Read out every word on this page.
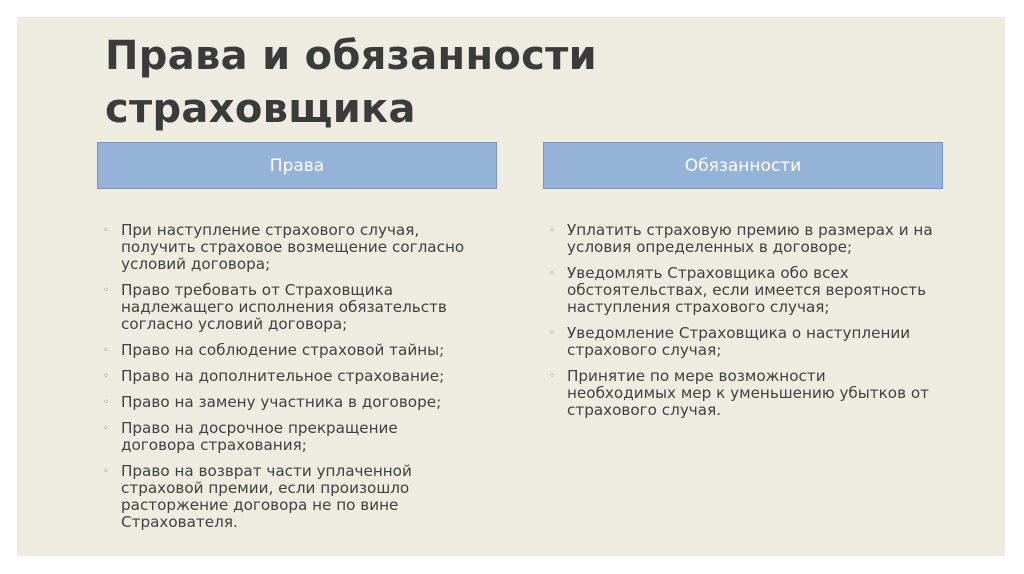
Права и обязанности
страховщика
Права	Обязанности
◦ При наступление страхового случая, получить страховое возмещение согласно условий договора;
◦ Право требовать от Страховщика надлежащего исполнения обязательств согласно условий договора;
◦ Право на соблюдение страховой тайны;
◦ Право на дополнительное страхование;
◦ Право на замену участника в договоре;
◦ Право на досрочное прекращение договора страхования;
◦ Право на возврат части уплаченной страховой премии, если произошло расторжение договора не по вине Страхователя.
◦ Уплатить страховую премию в размерах и на условия определенных в договоре;
◦ Уведомлять Страховщика обо всех обстоятельствах, если имеется вероятность наступления страхового случая;
◦ Уведомление Страховщика о наступлении страхового случая;
◦ Принятие по мере возможности необходимых мер к уменьшению убытков от страхового случая.
